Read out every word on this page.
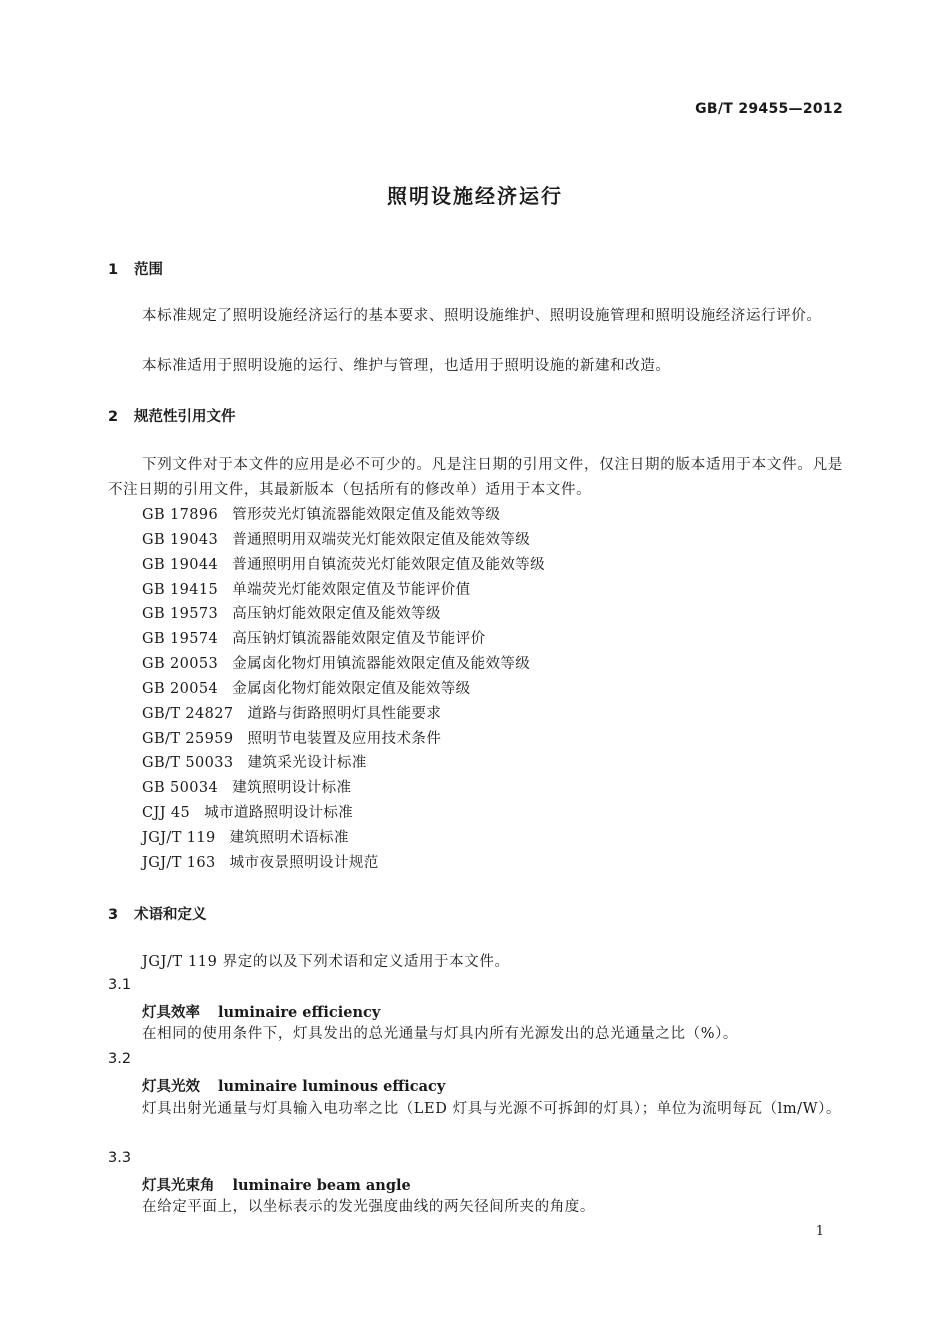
GB/T 29455—2012
照明设施经济运行
1 范围
本标准规定了照明设施经济运行的基本要求、照明设施维护、照明设施管理和照明设施经济运行评价。
本标准适用于照明设施的运行、维护与管理，也适用于照明设施的新建和改造。
2 规范性引用文件
下列文件对于本文件的应用是必不可少的。凡是注日期的引用文件，仅注日期的版本适用于本文件。凡是不注日期的引用文件，其最新版本（包括所有的修改单）适用于本文件。
GB 17896 管形荧光灯镇流器能效限定值及能效等级
GB 19043 普通照明用双端荧光灯能效限定值及能效等级
GB 19044 普通照明用自镇流荧光灯能效限定值及能效等级
GB 19415 单端荧光灯能效限定值及节能评价值
GB 19573 高压钠灯能效限定值及能效等级
GB 19574 高压钠灯镇流器能效限定值及节能评价
GB 20053 金属卤化物灯用镇流器能效限定值及能效等级
GB 20054 金属卤化物灯能效限定值及能效等级
GB/T 24827 道路与街路照明灯具性能要求
GB/T 25959 照明节电装置及应用技术条件
GB/T 50033 建筑采光设计标准
GB 50034 建筑照明设计标准
CJJ 45 城市道路照明设计标准
JGJ/T 119 建筑照明术语标准
JGJ/T 163 城市夜景照明设计规范
3 术语和定义
JGJ/T 119 界定的以及下列术语和定义适用于本文件。
3.1
灯具效率 luminaire efficiency
在相同的使用条件下，灯具发出的总光通量与灯具内所有光源发出的总光通量之比（%）。
3.2
灯具光效 luminaire luminous efficacy
灯具出射光通量与灯具输入电功率之比（LED 灯具与光源不可拆卸的灯具）；单位为流明每瓦（lm/W）。
3.3
灯具光束角 luminaire beam angle
在给定平面上，以坐标表示的发光强度曲线的两矢径间所夹的角度。
1
